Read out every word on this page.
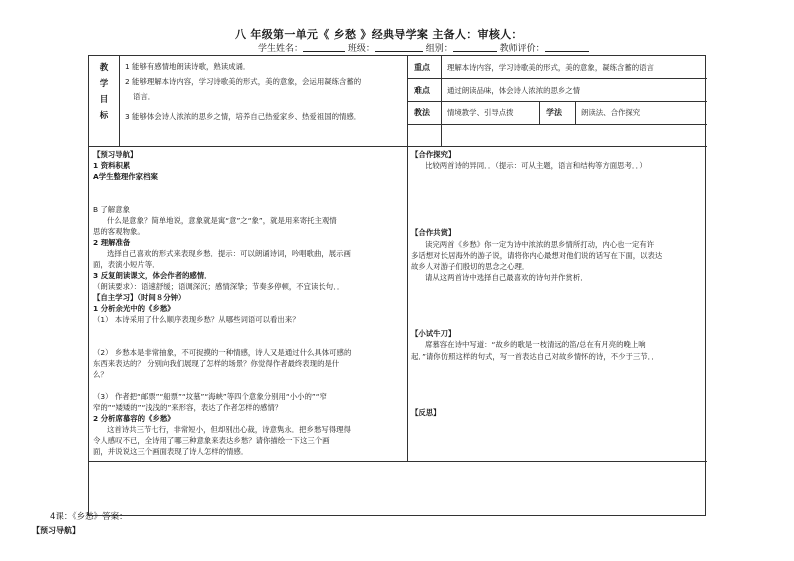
八 年级第一单元《 乡愁 》经典导学案 主备人：审核人：
学生姓名：	班级：	组别：	教师评价：
教
学
目
标
1 能够有感情地朗读诗歌，熟读成诵．
2 能够理解本诗内容，学习诗歌美的形式，美的意象，会运用凝练含蓄的
语言．
3 能够体会诗人浓浓的思乡之情，培养自己热爱家乡、热爱祖国的情感．
重点 理解本诗内容，学习诗歌美的形式，美的意象，凝练含蓄的语言
难点 通过朗读品味，体会诗人浓浓的思乡之情
教法 情境教学、引导点拨	学法	朗读法、合作探究
【预习导航】
1 资料积累
A学生整理作家档案
B 了解意象
什么是意象？简单地说，意象就是寓“意”之“象”，就是用来寄托主观情
思的客观物象。
2 理解准备
选择自己喜欢的形式来表现乡愁．提示：可以朗诵诗词，吟唱歌曲，展示画
面，表演小短片等．
3 反复朗读课文，体会作者的感情．
（朗读要求）：语速舒缓；语调深沉；感情深挚；节奏多停顿，不宜读长句．．
【自主学习】（时间８分钟）
1 分析余光中的《乡愁》
（1） 本诗采用了什么顺序表现乡愁？从哪些词语可以看出来？
（2） 乡愁本是非常抽象，不可捉摸的一种情感，诗人又是通过什么具体可感的
东西来表达的？ 分别向我们展现了怎样的场景？你觉得作者最终表现的是什
么？
（3） 作者把“邮票”“船票”“坟墓”“海峡”等四个意象分别用“小小的”“窄
窄的”“矮矮的”“浅浅的”来形容，表达了作者怎样的感情？
2 分析席慕容的《乡愁》
这首诗共三节七行，非常短小，但却别出心裁，诗意隽永．把乡愁写得理得
令人感叹不已，全诗用了哪三种意象来表达乡愁？请你描绘一下这三个画
面，并说说这三个画面表现了诗人怎样的情感．
【合作探究】
比较两首诗的异同．．（提示：可从主题，语言和结构等方面思考．．）
【合作共赏】
读完两首《乡愁》你一定为诗中浓浓的思乡情所打动，内心也一定有许
多话想对长居海外的游子说，请将你内心最想对他们说的话写在下面，以表达
故乡人对游子们殷切的思念之心理．
请从这两首诗中选择自己最喜欢的诗句并作赏析．
【小试牛刀】
席慕容在诗中写道：“故乡的歌是一枝清远的笛/总在有月亮的晚上响
起．”请你仿照这样的句式，写一首表达自己对故乡情怀的诗，不少于三节．．
【反思】
4课：《乡愁》答案：
【预习导航】
